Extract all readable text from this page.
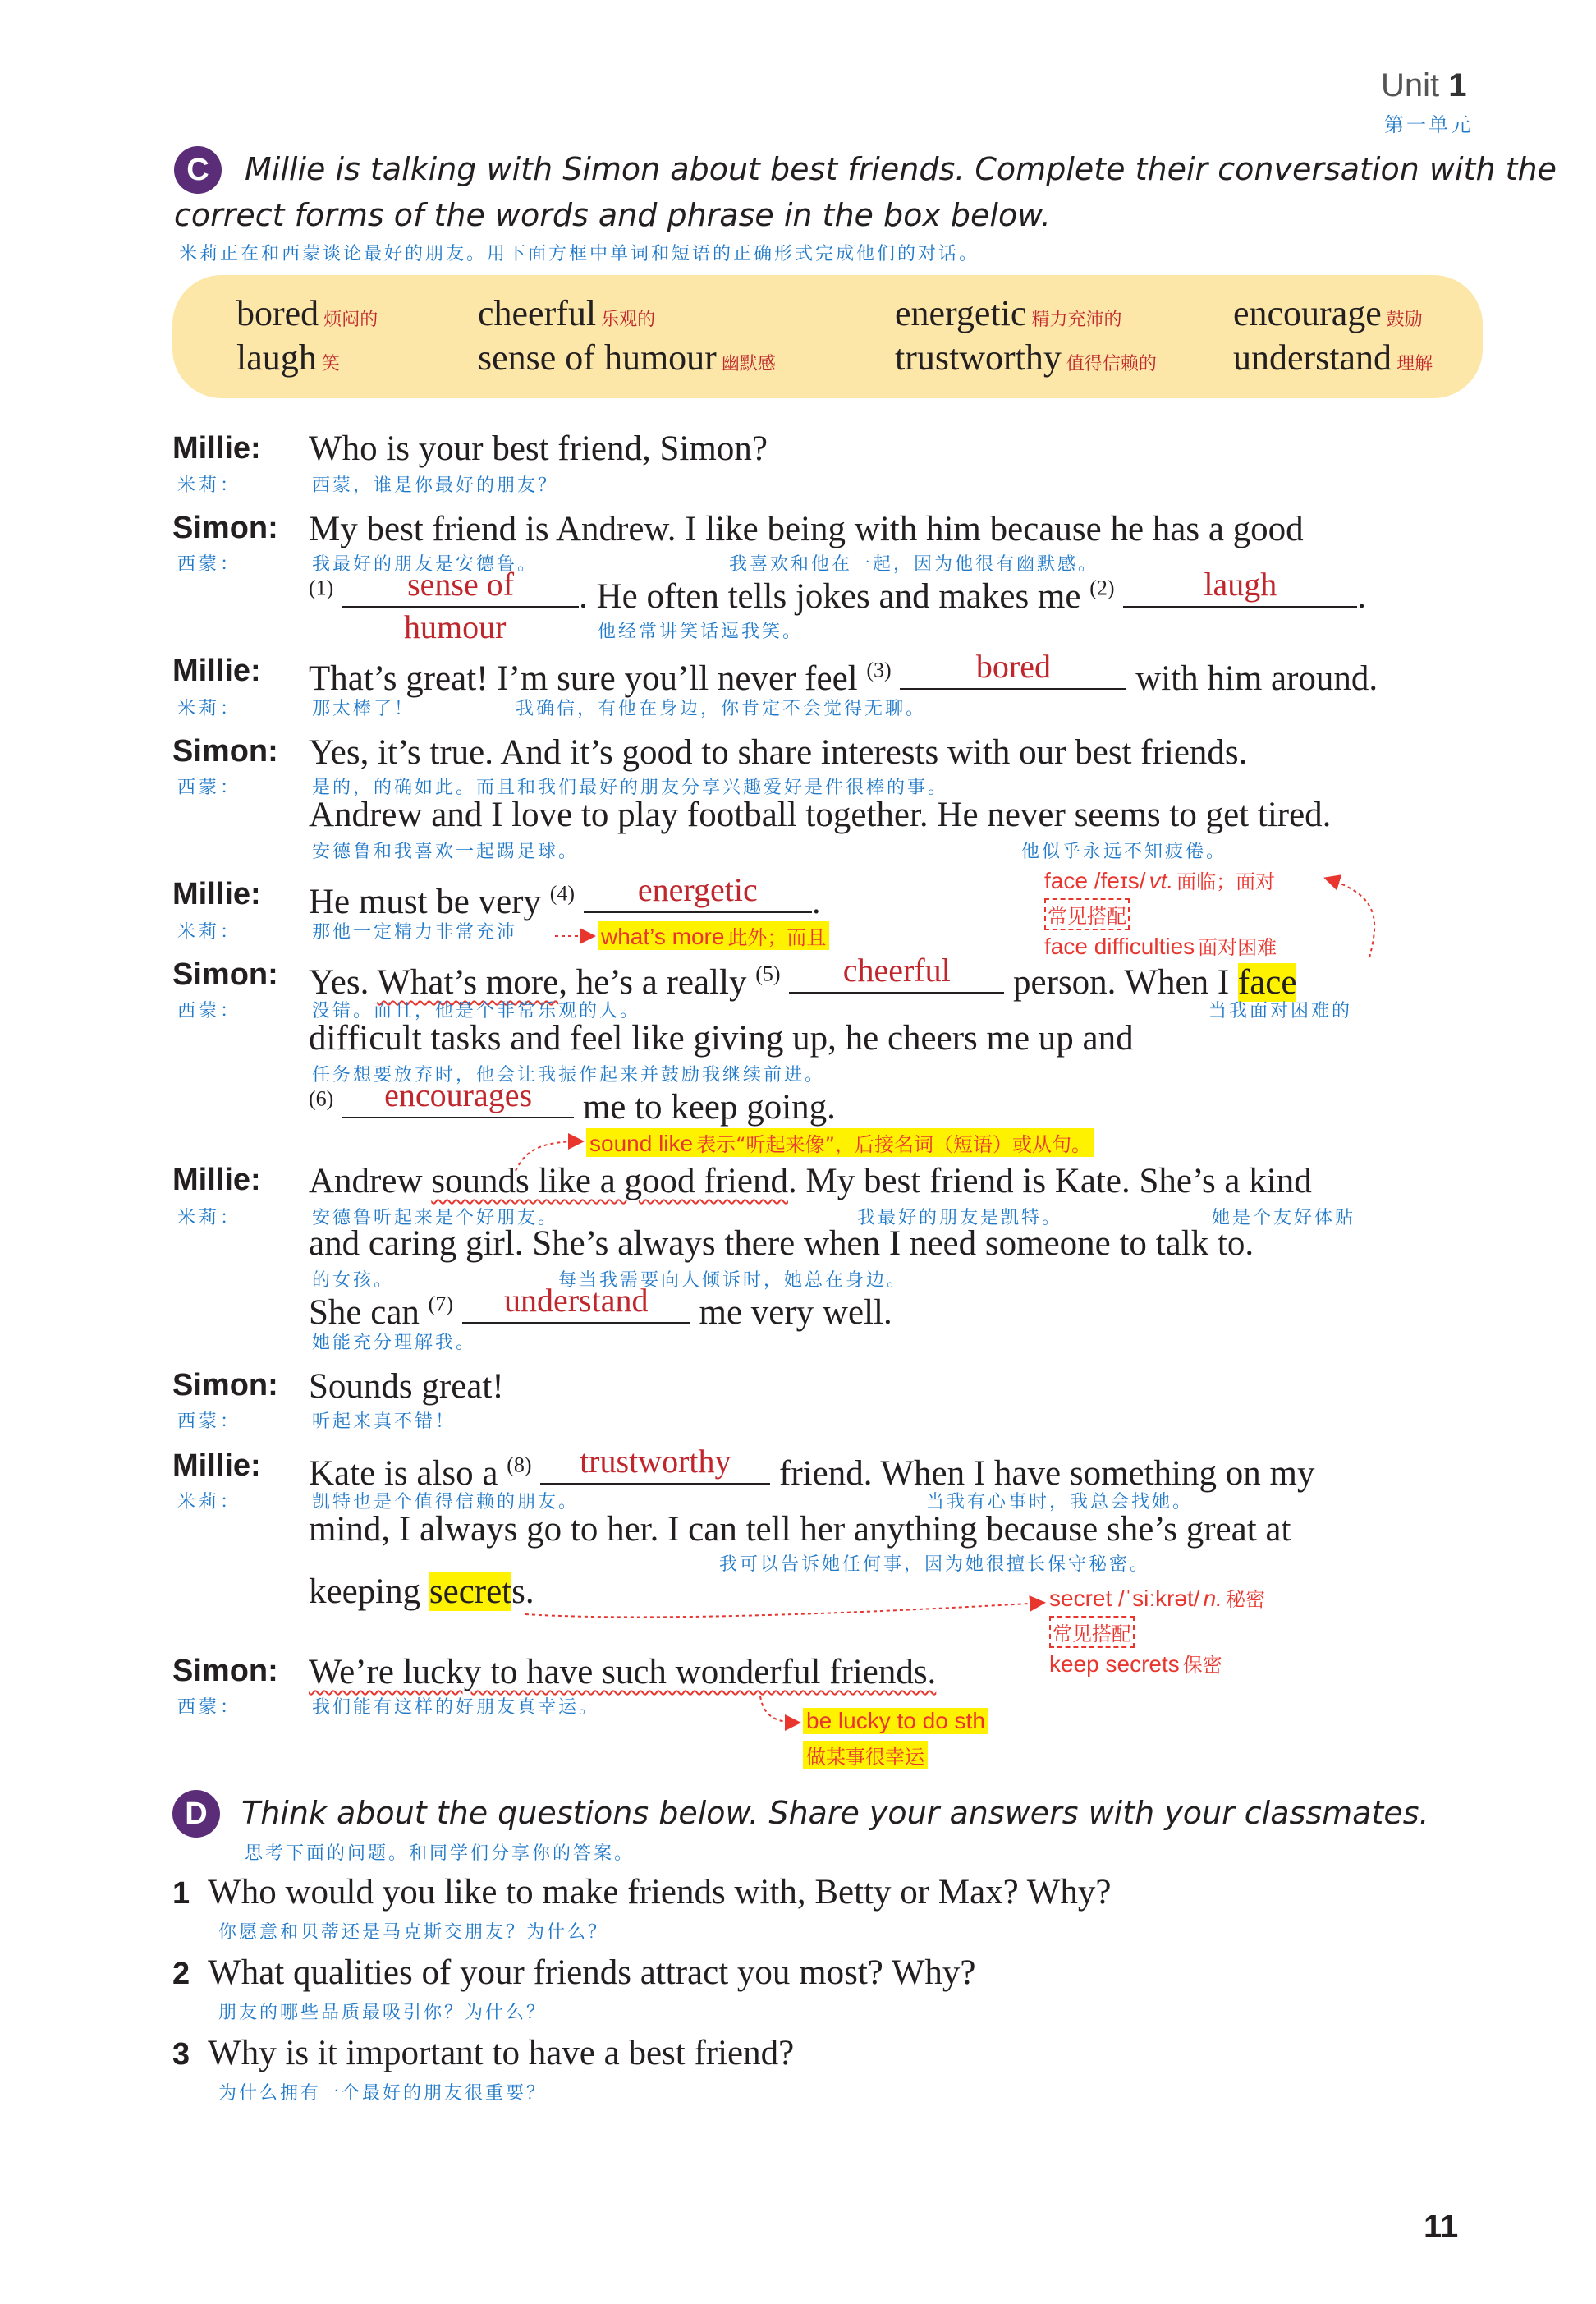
Unit 1
第一单元
C	Millie is talking with Simon about best friends. Complete their conversation with the
correct forms of the words and phrase in the box below.
米莉正在和西蒙谈论最好的朋友。用下面方框中单词和短语的正确形式完成他们的对话。
bored 烦闷的	cheerful 乐观的	energetic 精力充沛的	encourage 鼓励
laugh 笑	sense of humour 幽默感	trustworthy 值得信赖的 understand 理解
Millie:
米莉：
Who is your best friend, Simon?
西蒙，谁是你最好的朋友？
Simon:
西蒙：
My best friend is Andrew. I like being with him because he has a good
我最好的朋友是安德鲁。	我喜欢和他在一起，因为他很有幽默感。
$^{(1)}$	sense of	. He often tells jokes and makes me $^{(2)}$	laugh	.
humour	他经常讲笑话逗我笑。
Millie:
米莉：
That’s great! I’m sure you’ll never feel $^{(3)}$	bored	with him around.
那太棒了！	我确信，有他在身边，你肯定不会觉得无聊。
Simon:
西蒙：
Yes, it’s true. And it’s good to share interests with our best friends.
是的，的确如此。而且和我们最好的朋友分享兴趣爱好是件很棒的事。
Andrew and I love to play football together. He never seems to get tired.
安德鲁和我喜欢一起踢足球。	他似乎永远不知疲倦。
Millie:
米莉：
He must be very $^{(4)}$	energetic	.
那他一定精力非常充沛
Simon:
西蒙：
Yes. What’s more, he’s a really $^{(5)}$	cheerful	person. When I face
没错。而且，他是个非常乐观的人。	当我面对困难的
difficult tasks and feel like giving up, he cheers me up and
任务想要放弃时，他会让我振作起来并鼓励我继续前进。
$^{(6)}$	encourages	me to keep going.
Millie:
米莉：
Andrew sounds like a good friend. My best friend is Kate. She’s a kind
安德鲁听起来是个好朋友。	我最好的朋友是凯特。	她是个友好体贴
and caring girl. She’s always there when I need someone to talk to.
的女孩。	每当我需要向人倾诉时，她总在身边。
She can $^{(7)}$	understand	me very well.
她能充分理解我。
Simon:
西蒙：
Sounds great!
听起来真不错！
Millie:
米莉：
Kate is also a $^{(8)}$	trustworthy	friend. When I have something on my
凯特也是个值得信赖的朋友。	当我有心事时，我总会找她。
mind, I always go to her. I can tell her anything because she’s great at
我可以告诉她任何事，因为她很擅长保守秘密。
keeping secrets.
Simon:
西蒙：
We’re lucky to have such wonderful friends.
我们能有这样的好朋友真幸运。
face /feɪs/ vt. 面临；面对
常见搭配
face difficulties 面对困难
what’s more 此外；而且
sound like 表示“听起来像”，后接名词（短语）或从句。
secret /ˈsiːkrət/ n. 秘密
常见搭配
keep secrets 保密
be lucky to do sth
做某事很幸运
D	Think about the questions below. Share your answers with your classmates.
思考下面的问题。和同学们分享你的答案。
1 Who would you like to make friends with, Betty or Max? Why?
你愿意和贝蒂还是马克斯交朋友？为什么？
2 What qualities of your friends attract you most? Why?
朋友的哪些品质最吸引你？为什么？
3 Why is it important to have a best friend?
为什么拥有一个最好的朋友很重要？
11
